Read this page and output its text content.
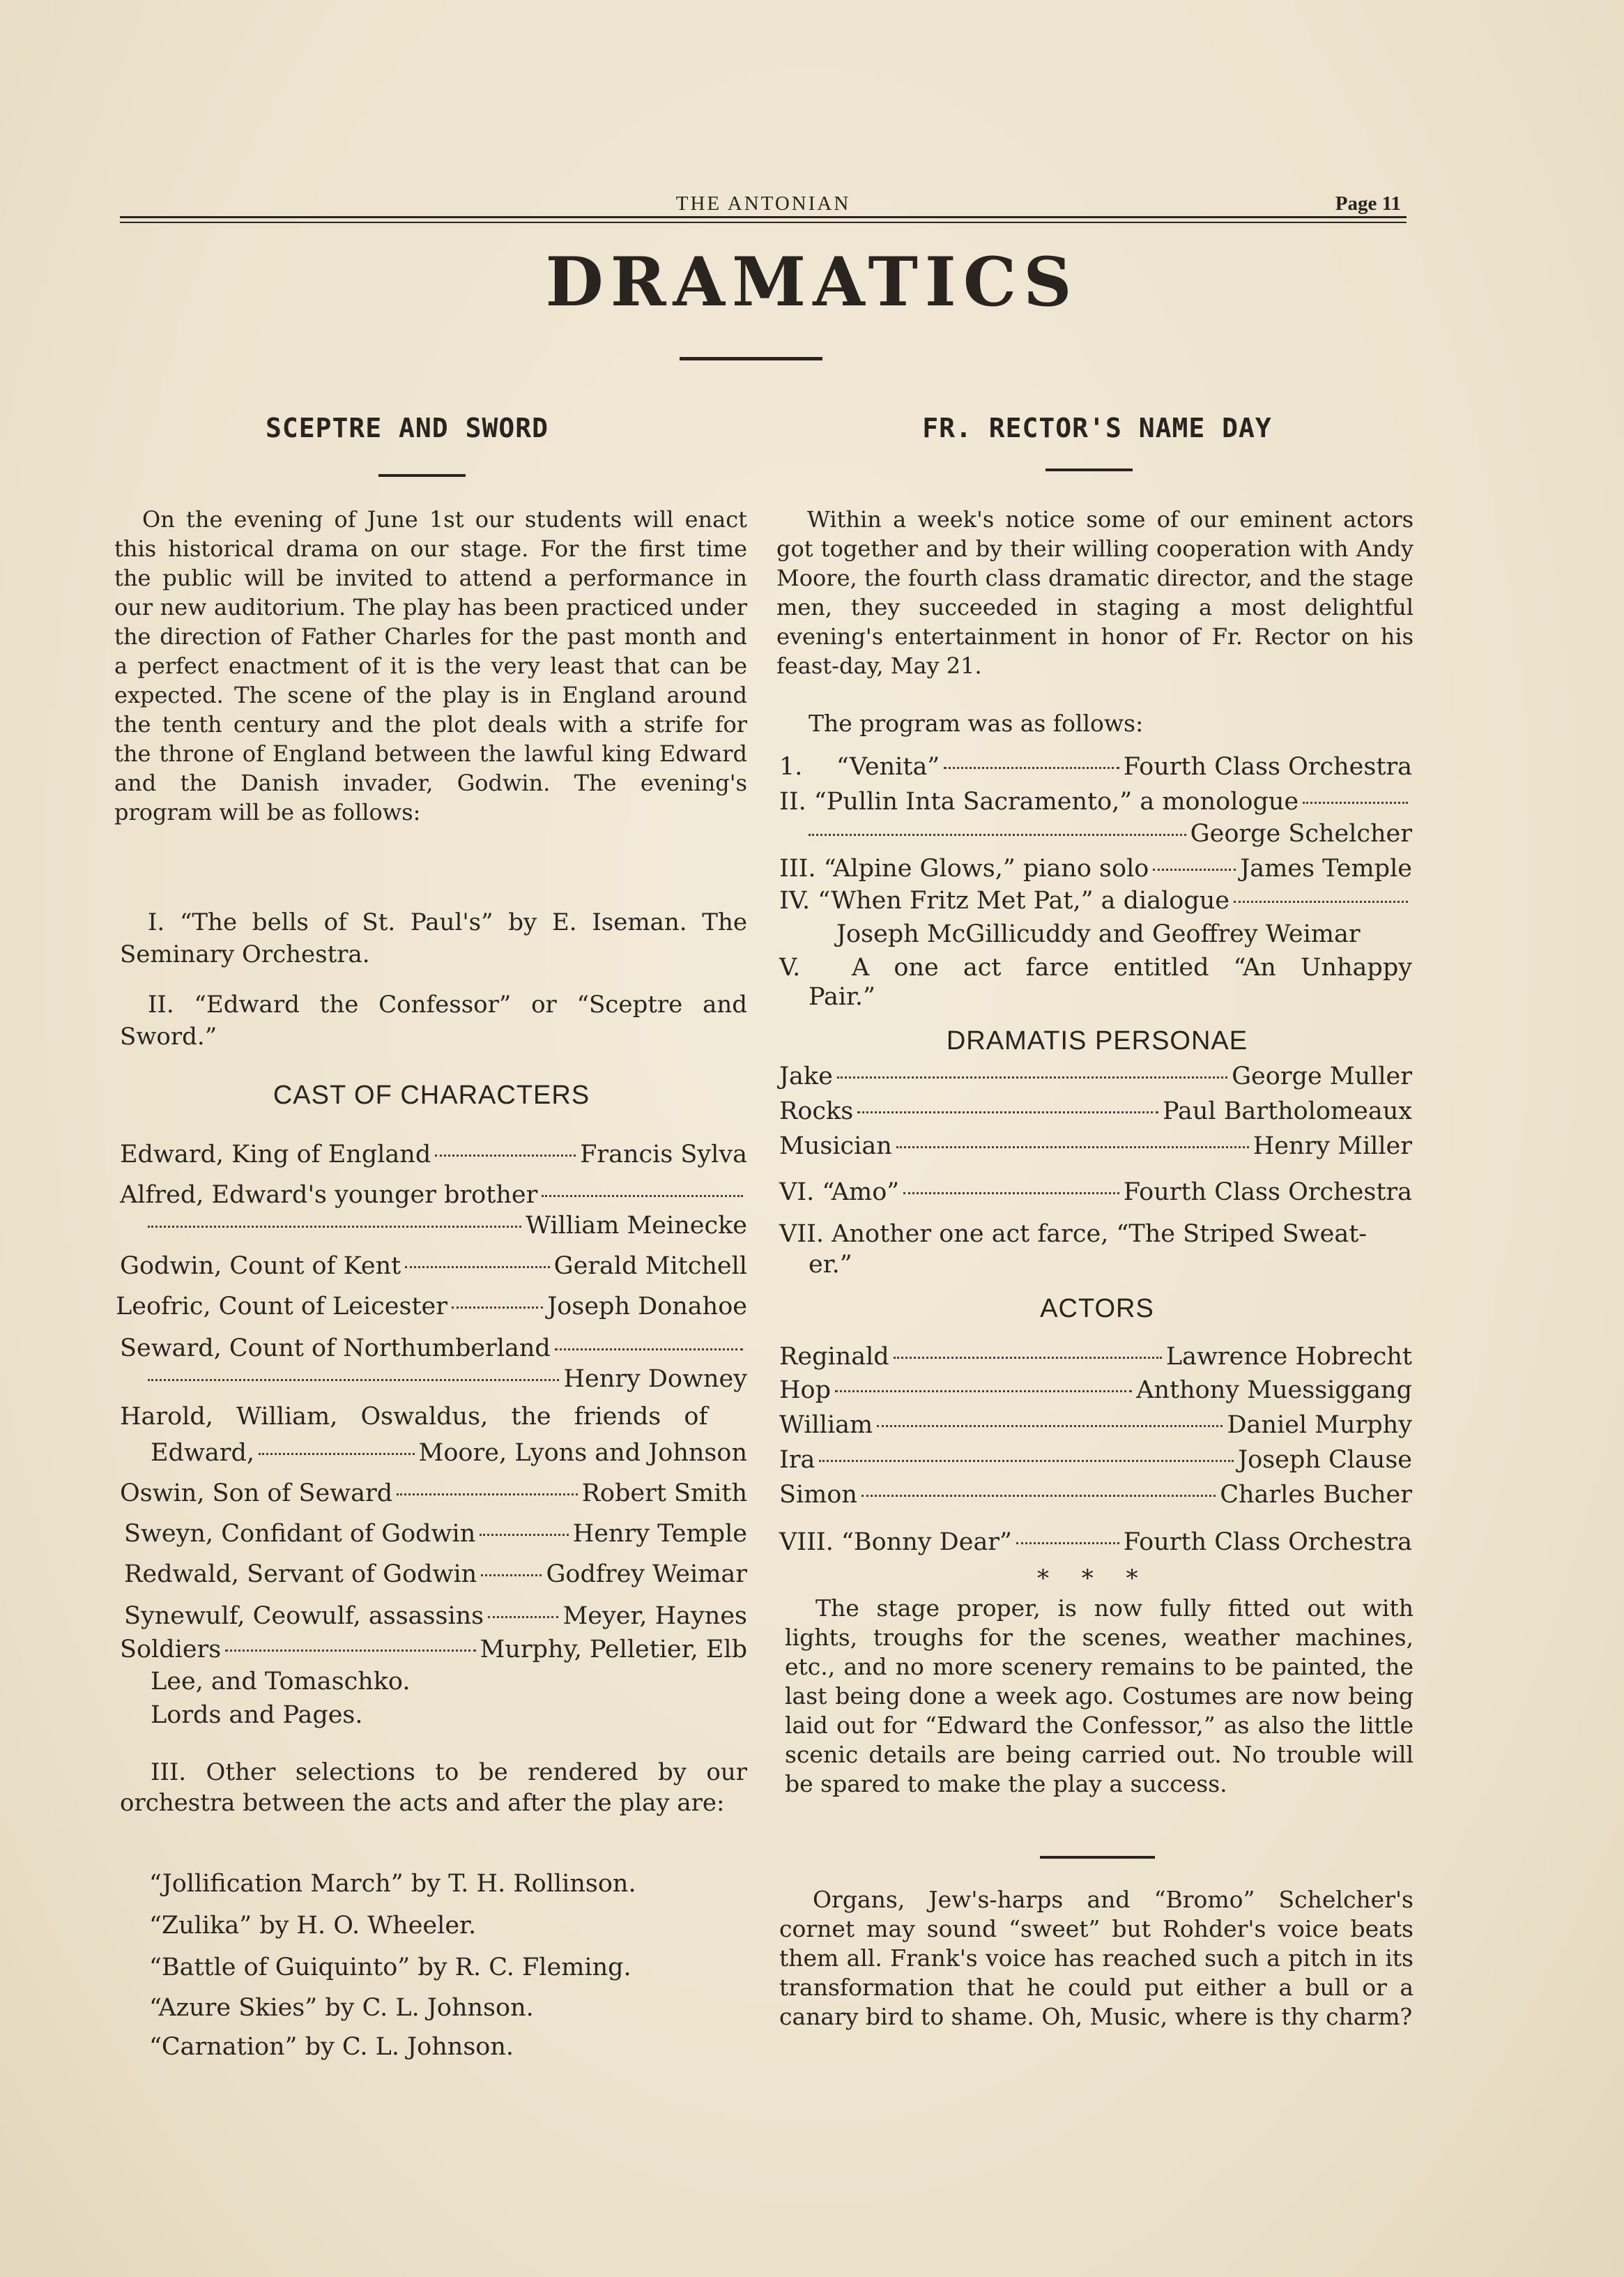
THE ANTONIAN	Page 11
DRAMATICS
SCEPTRE AND SWORD
On the evening of June 1st our students will enact this historical drama on our stage. For the first time the public will be invited to attend a performance in our new auditorium. The play has been practiced under the direction of Father Charles for the past month and a perfect enactment of it is the very least that can be expected. The scene of the play is in England around the tenth century and the plot deals with a strife for the throne of England between the lawful king Edward and the Danish invader, Godwin. The evening's program will be as follows:
I. “The bells of St. Paul's” by E. Iseman. The Seminary Orchestra.
II. “Edward the Confessor” or “Sceptre and Sword.”
CAST OF CHARACTERS
Edward, King of England	Francis Sylva
Alfred, Edward's younger brother
William Meinecke
Godwin, Count of Kent	Gerald Mitchell
Leofric, Count of Leicester	Joseph Donahoe
Seward, Count of Northumberland
Henry Downey
Harold, William, Oswaldus, the friends of
Edward,	Moore, Lyons and Johnson
Oswin, Son of Seward	Robert Smith
Sweyn, Confidant of Godwin	Henry Temple
Redwald, Servant of Godwin	Godfrey Weimar
Synewulf, Ceowulf, assassins	Meyer, Haynes
Soldiers	Murphy, Pelletier, Elb
Lee, and Tomaschko.
Lords and Pages.
III. Other selections to be rendered by our orchestra between the acts and after the play are:
“Jollification March” by T. H. Rollinson.
“Zulika” by H. O. Wheeler.
“Battle of Guiquinto” by R. C. Fleming.
“Azure Skies” by C. L. Johnson.
“Carnation” by C. L. Johnson.
FR. RECTOR'S NAME DAY
Within a week's notice some of our eminent actors got together and by their willing cooperation with Andy Moore, the fourth class dramatic director, and the stage men, they succeeded in staging a most delightful evening's entertainment in honor of Fr. Rector on his feast-day, May 21.
The program was as follows:
1.	“Venita”	Fourth Class Orchestra
II. “Pullin Inta Sacramento,” a monologue
George Schelcher
III. “Alpine Glows,” piano solo	James Temple
IV. “When Fritz Met Pat,” a dialogue
Joseph McGillicuddy and Geoffrey Weimar
V. A one act farce entitled “An Unhappy
Pair.”
DRAMATIS PERSONAE
Jake	George Muller
Rocks	Paul Bartholomeaux
Musician	Henry Miller
VI. “Amo”	Fourth Class Orchestra
VII. Another one act farce, “The Striped Sweat-
er.”
ACTORS
Reginald	Lawrence Hobrecht
Hop	Anthony Muessiggang
William	Daniel Murphy
Ira	Joseph Clause
Simon	Charles Bucher
VIII. “Bonny Dear”	Fourth Class Orchestra
* * *
The stage proper, is now fully fitted out with lights, troughs for the scenes, weather machines, etc., and no more scenery remains to be painted, the last being done a week ago. Costumes are now being laid out for “Edward the Confessor,” as also the little scenic details are being carried out. No trouble will be spared to make the play a success.
Organs, Jew's-harps and “Bromo” Schelcher's cornet may sound “sweet” but Rohder's voice beats them all. Frank's voice has reached such a pitch in its transformation that he could put either a bull or a canary bird to shame. Oh, Music, where is thy charm?
